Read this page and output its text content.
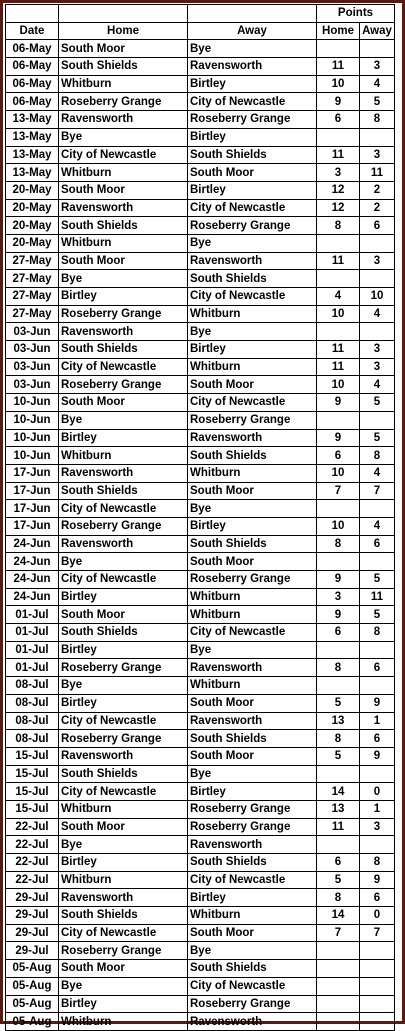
			Points	
Date	Home	Away	Home	Away
06-May	South Moor	Bye		
06-May	South Shields	Ravensworth	11	3
06-May	Whitburn	Birtley	10	4
06-May	Roseberry Grange	City of Newcastle	9	5
13-May	Ravensworth	Roseberry Grange	6	8
13-May	Bye	Birtley		
13-May	City of Newcastle	South Shields	11	3
13-May	Whitburn	South Moor	3	11
20-May	South Moor	Birtley	12	2
20-May	Ravensworth	City of Newcastle	12	2
20-May	South Shields	Roseberry Grange	8	6
20-May	Whitburn	Bye		
27-May	South Moor	Ravensworth	11	3
27-May	Bye	South Shields		
27-May	Birtley	City of Newcastle	4	10
27-May	Roseberry Grange	Whitburn	10	4
03-Jun	Ravensworth	Bye		
03-Jun	South Shields	Birtley	11	3
03-Jun	City of Newcastle	Whitburn	11	3
03-Jun	Roseberry Grange	South Moor	10	4
10-Jun	South Moor	City of Newcastle	9	5
10-Jun	Bye	Roseberry Grange		
10-Jun	Birtley	Ravensworth	9	5
10-Jun	Whitburn	South Shields	6	8
17-Jun	Ravensworth	Whitburn	10	4
17-Jun	South Shields	South Moor	7	7
17-Jun	City of Newcastle	Bye		
17-Jun	Roseberry Grange	Birtley	10	4
24-Jun	Ravensworth	South Shields	8	6
24-Jun	Bye	South Moor		
24-Jun	City of Newcastle	Roseberry Grange	9	5
24-Jun	Birtley	Whitburn	3	11
01-Jul	South Moor	Whitburn	9	5
01-Jul	South Shields	City of Newcastle	6	8
01-Jul	Birtley	Bye		
01-Jul	Roseberry Grange	Ravensworth	8	6
08-Jul	Bye	Whitburn		
08-Jul	Birtley	South Moor	5	9
08-Jul	City of Newcastle	Ravensworth	13	1
08-Jul	Roseberry Grange	South Shields	8	6
15-Jul	Ravensworth	South Moor	5	9
15-Jul	South Shields	Bye		
15-Jul	City of Newcastle	Birtley	14	0
15-Jul	Whitburn	Roseberry Grange	13	1
22-Jul	South Moor	Roseberry Grange	11	3
22-Jul	Bye	Ravensworth		
22-Jul	Birtley	South Shields	6	8
22-Jul	Whitburn	City of Newcastle	5	9
29-Jul	Ravensworth	Birtley	8	6
29-Jul	South Shields	Whitburn	14	0
29-Jul	City of Newcastle	South Moor	7	7
29-Jul	Roseberry Grange	Bye		
05-Aug	South Moor	South Shields		
05-Aug	Bye	City of Newcastle		
05-Aug	Birtley	Roseberry Grange		
05-Aug	Whitburn	Ravensworth		
